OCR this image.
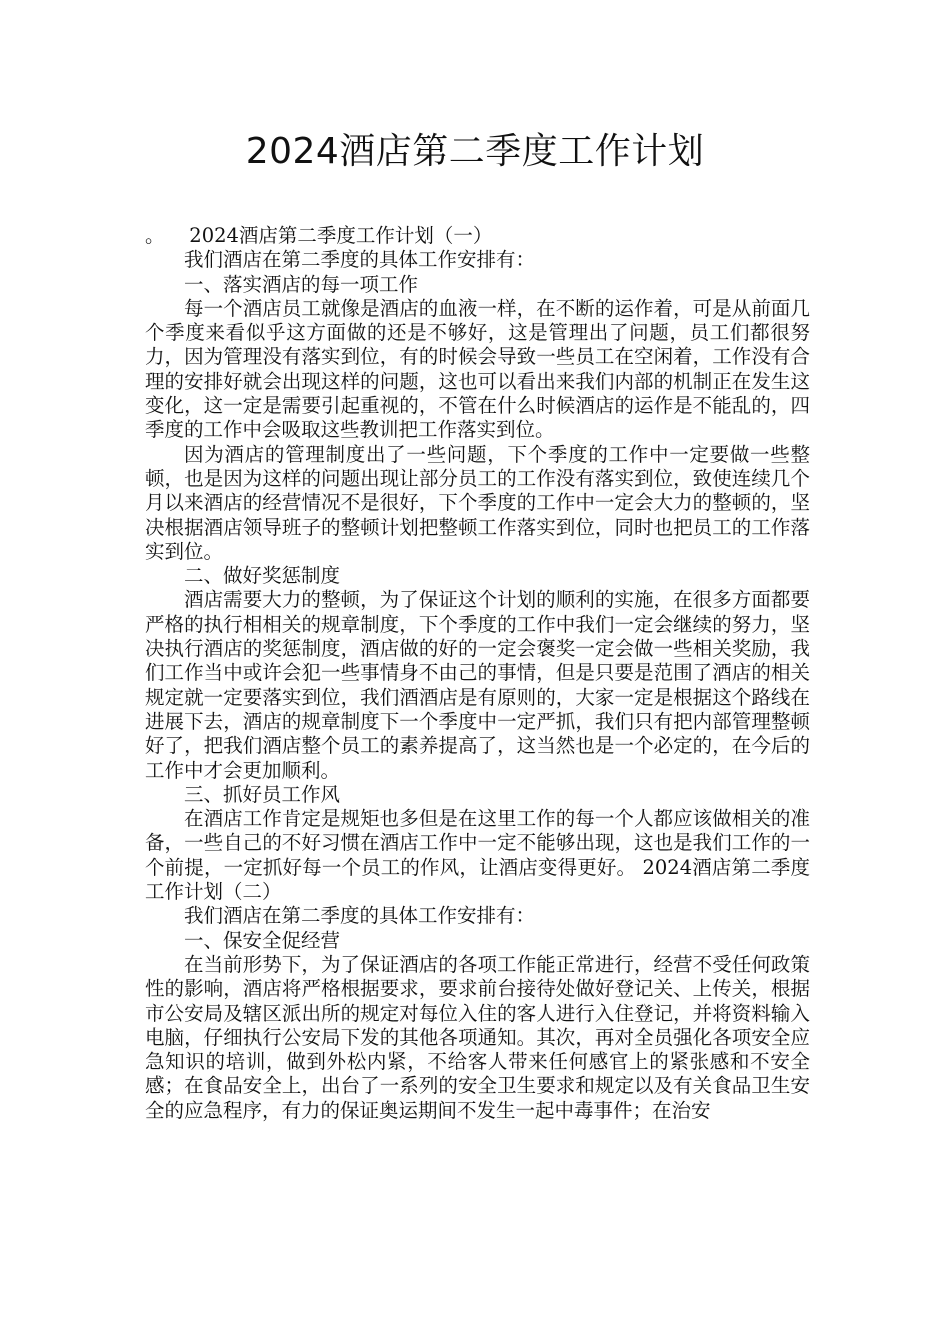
2024酒店第二季度工作计划

。    2024酒店第二季度工作计划（一）

我们酒店在第二季度的具体工作安排有：

一、落实酒店的每一项工作

每一个酒店员工就像是酒店的血液一样，在不断的运作着，可是从前面几个季度来看似乎这方面做的还是不够好，这是管理出了问题，员工们都很努力，因为管理没有落实到位，有的时候会导致一些员工在空闲着，工作没有合理的安排好就会出现这样的问题，这也可以看出来我们内部的机制正在发生这变化，这一定是需要引起重视的，不管在什么时候酒店的运作是不能乱的，四季度的工作中会吸取这些教训把工作落实到位。

因为酒店的管理制度出了一些问题，下个季度的工作中一定要做一些整顿，也是因为这样的问题出现让部分员工的工作没有落实到位，致使连续几个月以来酒店的经营情况不是很好，下个季度的工作中一定会大力的整顿的，坚决根据酒店领导班子的整顿计划把整顿工作落实到位，同时也把员工的工作落实到位。

二、做好奖惩制度

酒店需要大力的整顿，为了保证这个计划的顺利的实施，在很多方面都要严格的执行相相关的规章制度，下个季度的工作中我们一定会继续的努力，坚决执行酒店的奖惩制度，酒店做的好的一定会褒奖一定会做一些相关奖励，我们工作当中或许会犯一些事情身不由己的事情，但是只要是范围了酒店的相关规定就一定要落实到位，我们酒酒店是有原则的，大家一定是根据这个路线在进展下去，酒店的规章制度下一个季度中一定严抓，我们只有把内部管理整顿好了，把我们酒店整个员工的素养提高了，这当然也是一个必定的，在今后的工作中才会更加顺利。

三、抓好员工作风

在酒店工作肯定是规矩也多但是在这里工作的每一个人都应该做相关的准备，一些自己的不好习惯在酒店工作中一定不能够出现，这也是我们工作的一个前提，一定抓好每一个员工的作风，让酒店变得更好。 2024酒店第二季度工作计划（二）

我们酒店在第二季度的具体工作安排有：

一、保安全促经营

在当前形势下，为了保证酒店的各项工作能正常进行，经营不受任何政策性的影响，酒店将严格根据要求，要求前台接待处做好登记关、上传关，根据市公安局及辖区派出所的规定对每位入住的客人进行入住登记，并将资料输入电脑，仔细执行公安局下发的其他各项通知。其次，再对全员强化各项安全应急知识的培训，做到外松内紧，不给客人带来任何感官上的紧张感和不安全感；在食品安全上，出台了一系列的安全卫生要求和规定以及有关食品卫生安全的应急程序，有力的保证奥运期间不发生一起中毒事件；在治安
